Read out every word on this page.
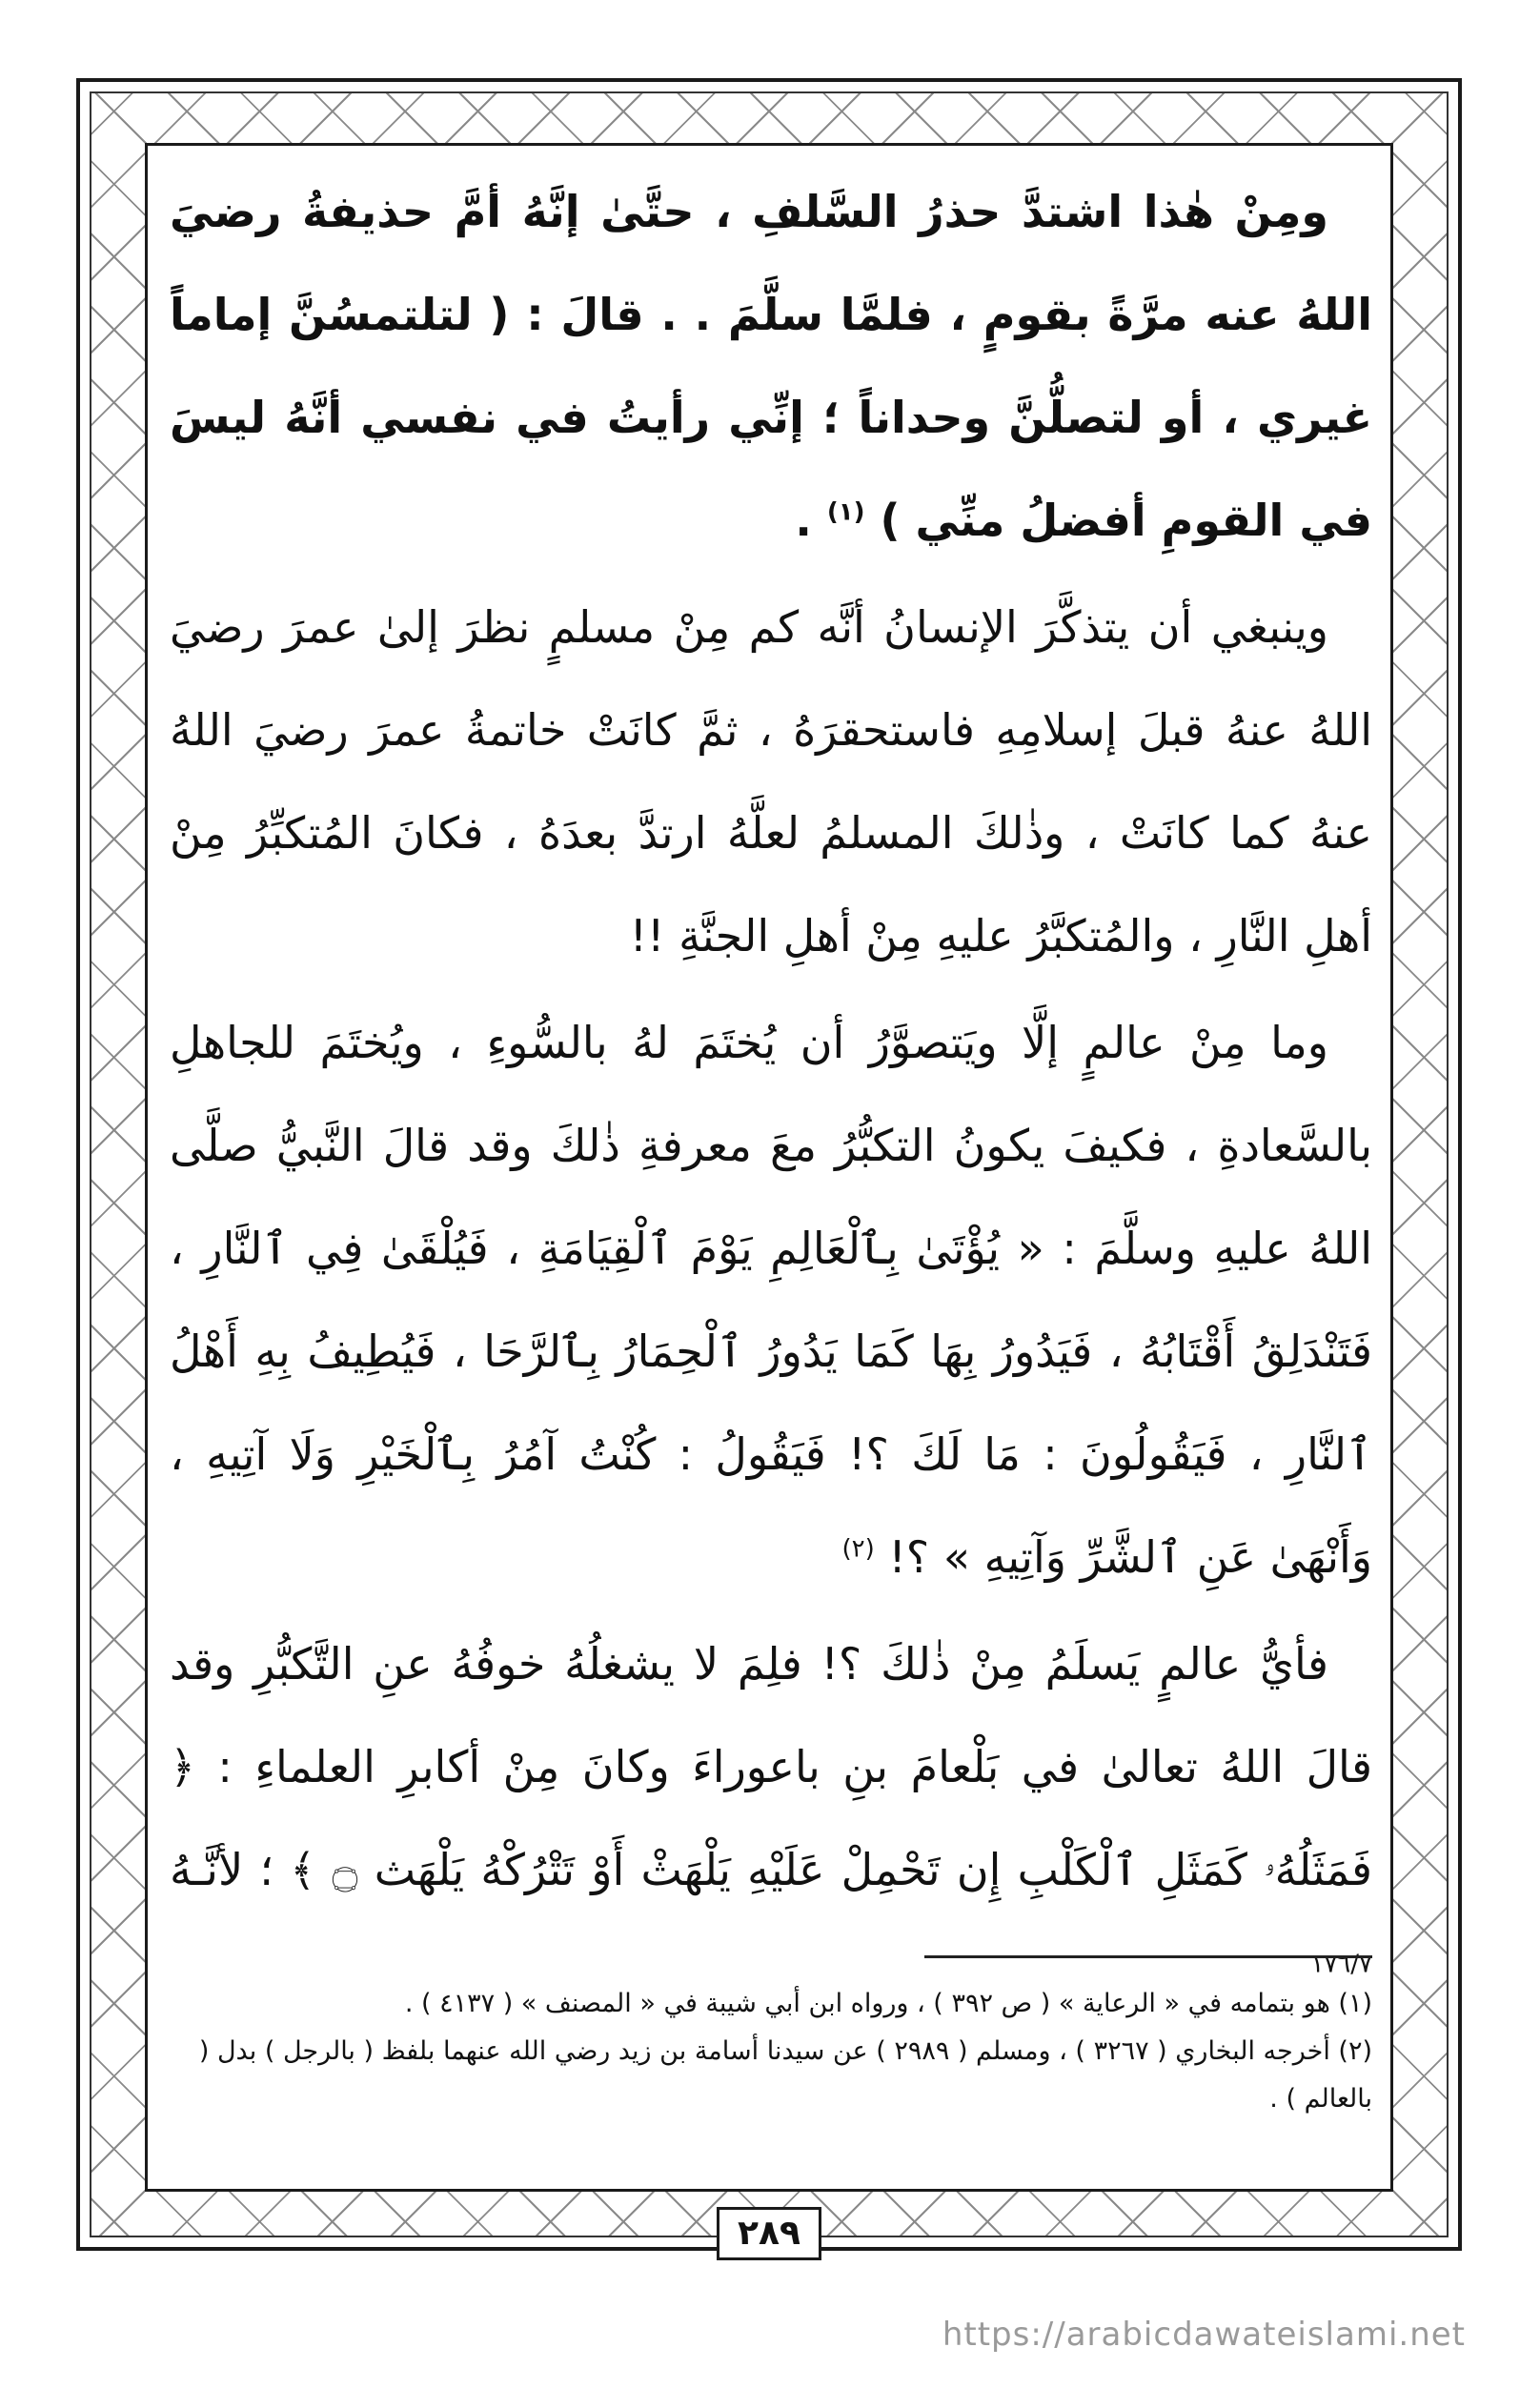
ومِنْ هٰذا اشتدَّ حذرُ السَّلفِ ، حتَّىٰ إنَّهُ أمَّ حذيفةُ رضيَ اللهُ عنه مرَّةً بقومٍ ، فلمَّا سلَّمَ . . قالَ : ( لتلتمسُنَّ إماماً غيري ، أو لتصلُّنَّ وحداناً ؛ إنِّي رأيتُ في نفسي أنَّهُ ليسَ في القومِ أفضلُ منِّي ) $^{(١)}$ .

وينبغي أن يتذكَّرَ الإنسانُ أنَّه كم مِنْ مسلمٍ نظرَ إلىٰ عمرَ رضيَ اللهُ عنهُ قبلَ إسلامِهِ فاستحقرَهُ ، ثمَّ كانَتْ خاتمةُ عمرَ رضيَ اللهُ عنهُ كما كانَتْ ، وذٰلكَ المسلمُ لعلَّهُ ارتدَّ بعدَهُ ، فكانَ المُتكبِّرُ مِنْ أهلِ النَّارِ ، والمُتكبَّرُ عليهِ مِنْ أهلِ الجنَّةِ !!

وما مِنْ عالمٍ إلَّا ويَتصوَّرُ أن يُختَمَ لهُ بالسُّوءِ ، ويُختَمَ للجاهلِ بالسَّعادةِ ، فكيفَ يكونُ التكبُّرُ معَ معرفةِ ذٰلكَ وقد قالَ النَّبيُّ صلَّى اللهُ عليهِ وسلَّمَ : « يُؤْتَىٰ بِٱلْعَالِمِ يَوْمَ ٱلْقِيَامَةِ ، فَيُلْقَىٰ فِي ٱلنَّارِ ، فَتَنْدَلِقُ أَقْتَابُهُ ، فَيَدُورُ بِهَا كَمَا يَدُورُ ٱلْحِمَارُ بِٱلرَّحَا ، فَيُطِيفُ بِهِ أَهْلُ ٱلنَّارِ ، فَيَقُولُونَ : مَا لَكَ ؟! فَيَقُولُ : كُنْتُ آمُرُ بِٱلْخَيْرِ وَلَا آتِيهِ ، وَأَنْهَىٰ عَنِ ٱلشَّرِّ وَآتِيهِ » ؟! $^{(٢)}$

فأيُّ عالمٍ يَسلَمُ مِنْ ذٰلكَ ؟! فلِمَ لا يشغلُهُ خوفُهُ عنِ التَّكبُّرِ وقد قالَ اللهُ تعالىٰ في بَلْعامَ بنِ باعوراءَ وكانَ مِنْ أكابرِ العلماءِ : ﴿ فَمَثَلُهُۥ كَمَثَلِ ٱلْكَلْبِ إِن تَحْمِلْ عَلَيْهِ يَلْهَثْ أَوْ تَتْرُكْهُ يَلْهَث ۝ ﴾ ؛ لأنَّـهُ $^{١٧٦/٧}$

(١) هو بتمامه في « الرعاية » ( ص ٣٩٢ ) ، ورواه ابن أبي شيبة في « المصنف » ( ٤١٣٧ ) .

(٢) أخرجه البخاري ( ٣٢٦٧ ) ، ومسلم ( ٢٩٨٩ ) عن سيدنا أسامة بن زيد رضي الله عنهما بلفظ ( بالرجل ) بدل ( بالعالم ) .

٢٨٩
https://arabicdawateislami.net
